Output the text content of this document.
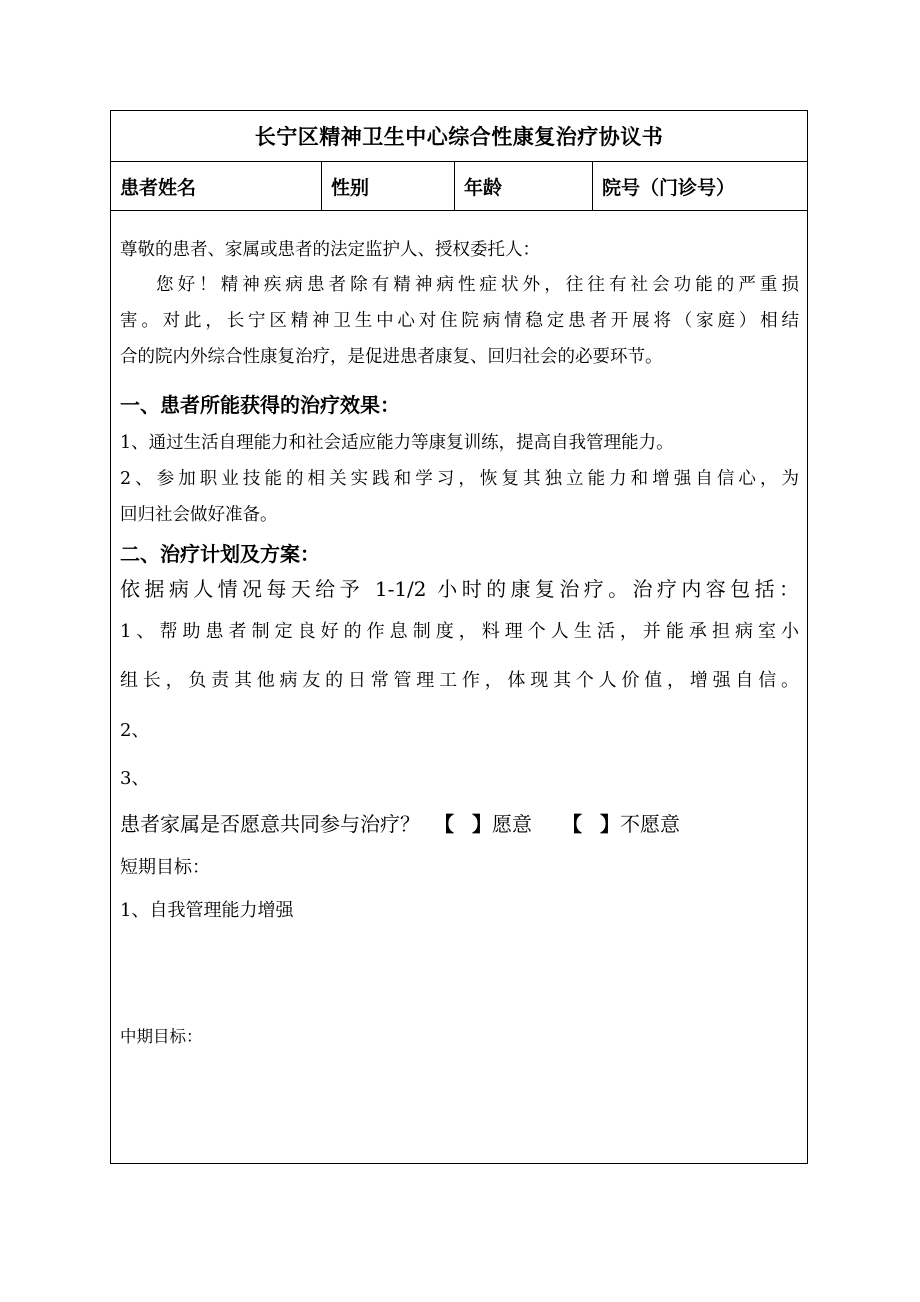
长宁区精神卫生中心综合性康复治疗协议书
患者姓名	性别	年龄	院号（门诊号）
尊敬的患者、家属或患者的法定监护人、授权委托人：
您好！精神疾病患者除有精神病性症状外，往往有社会功能的严重损
害。对此，长宁区精神卫生中心对住院病情稳定患者开展将（家庭）相结
合的院内外综合性康复治疗，是促进患者康复、回归社会的必要环节。
一、患者所能获得的治疗效果：
1、通过生活自理能力和社会适应能力等康复训练，提高自我管理能力。
2、参加职业技能的相关实践和学习，恢复其独立能力和增强自信心，为
回归社会做好准备。
二、治疗计划及方案：
依据病人情况每天给予 1-1/2 小时的康复治疗。治疗内容包括：
1、帮助患者制定良好的作息制度，料理个人生活，并能承担病室小
组长，负责其他病友的日常管理工作，体现其个人价值，增强自信。
2、
3、
患者家属是否愿意共同参与治疗？ 【 】愿意 【 】不愿意
短期目标：
1、自我管理能力增强
中期目标：
